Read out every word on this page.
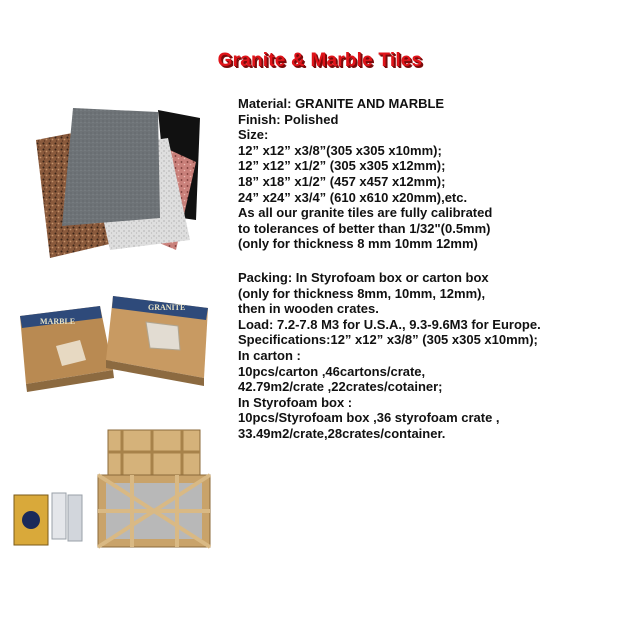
Granite & Marble Tiles
MARBLE
GRANITE
Material: GRANITE AND MARBLE
Finish: Polished
Size:
12” x12” x3/8”(305 x305 x10mm);
12” x12” x1/2” (305 x305 x12mm);
18” x18” x1/2” (457 x457 x12mm);
24” x24” x3/4” (610 x610 x20mm),etc.
As all our granite tiles are fully calibrated
to tolerances of better than 1/32"(0.5mm)
(only for thickness 8 mm 10mm 12mm)
Packing: In Styrofoam box or carton box
(only for thickness 8mm, 10mm, 12mm),
then in wooden crates.
Load: 7.2-7.8 M3 for U.S.A., 9.3-9.6M3 for Europe.
Specifications:12” x12” x3/8” (305 x305 x10mm);
In carton :
10pcs/carton ,46cartons/crate,
42.79m2/crate ,22crates/cotainer;
In Styrofoam box :
10pcs/Styrofoam box ,36 styrofoam crate ,
33.49m2/crate,28crates/container.
